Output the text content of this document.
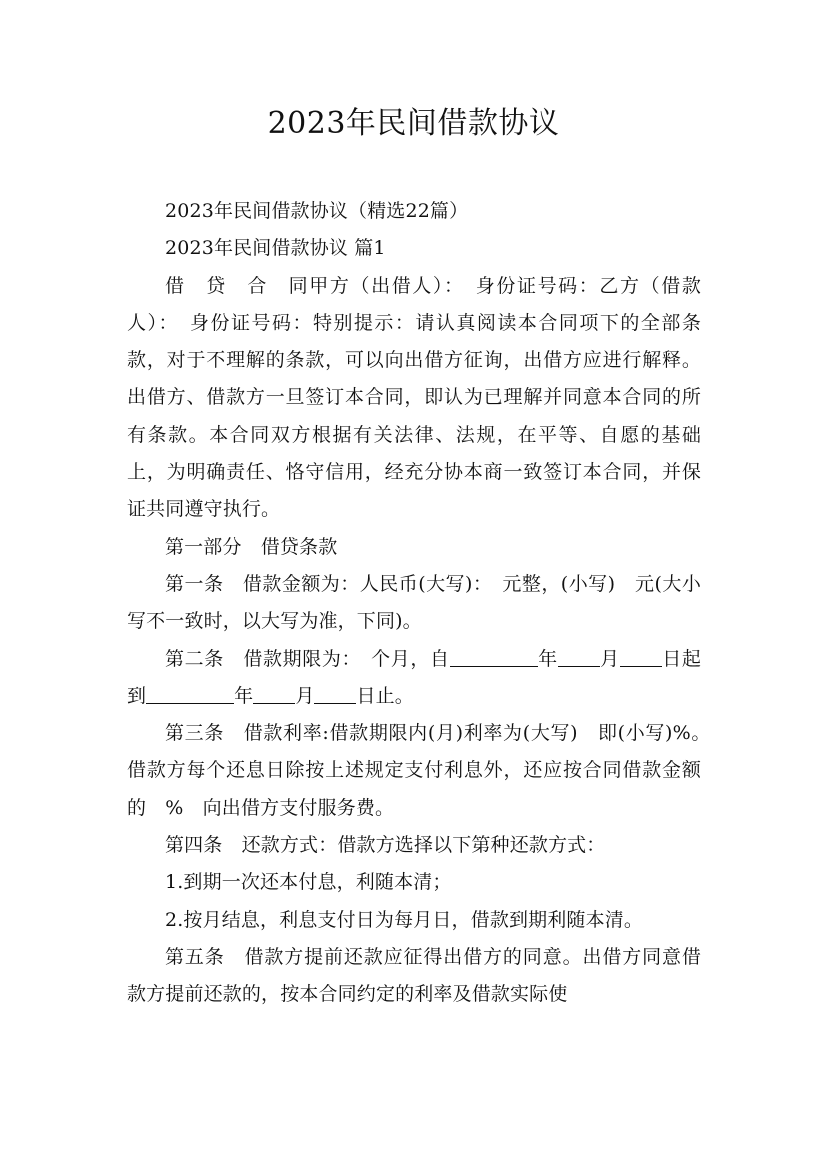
2023年民间借款协议

2023年民间借款协议（精选22篇）

2023年民间借款协议 篇1

借　贷　合　同甲方（出借人）：　身份证号码：乙方（借款人）：　身份证号码：特别提示：请认真阅读本合同项下的全部条款，对于不理解的条款，可以向出借方征询，出借方应进行解释。出借方、借款方一旦签订本合同，即认为已理解并同意本合同的所有条款。本合同双方根据有关法律、法规，在平等、自愿的基础上，为明确责任、恪守信用，经充分协本商一致签订本合同，并保证共同遵守执行。

第一部分　借贷条款

第一条　借款金额为：人民币(大写)：　元整，(小写)　元(大小写不一致时，以大写为准，下同)。

第二条　借款期限为：　个月，自	年 月 日起到	年 月 日止。

第三条　借款利率:借款期限内(月)利率为(大写)　即(小写)%。　借款方每个还息日除按上述规定支付利息外，还应按合同借款金额的　%　向出借方支付服务费。

第四条　还款方式：借款方选择以下第种还款方式：

1.到期一次还本付息，利随本清；

2.按月结息，利息支付日为每月日，借款到期利随本清。

第五条　借款方提前还款应征得出借方的同意。出借方同意借款方提前还款的，按本合同约定的利率及借款实际使
